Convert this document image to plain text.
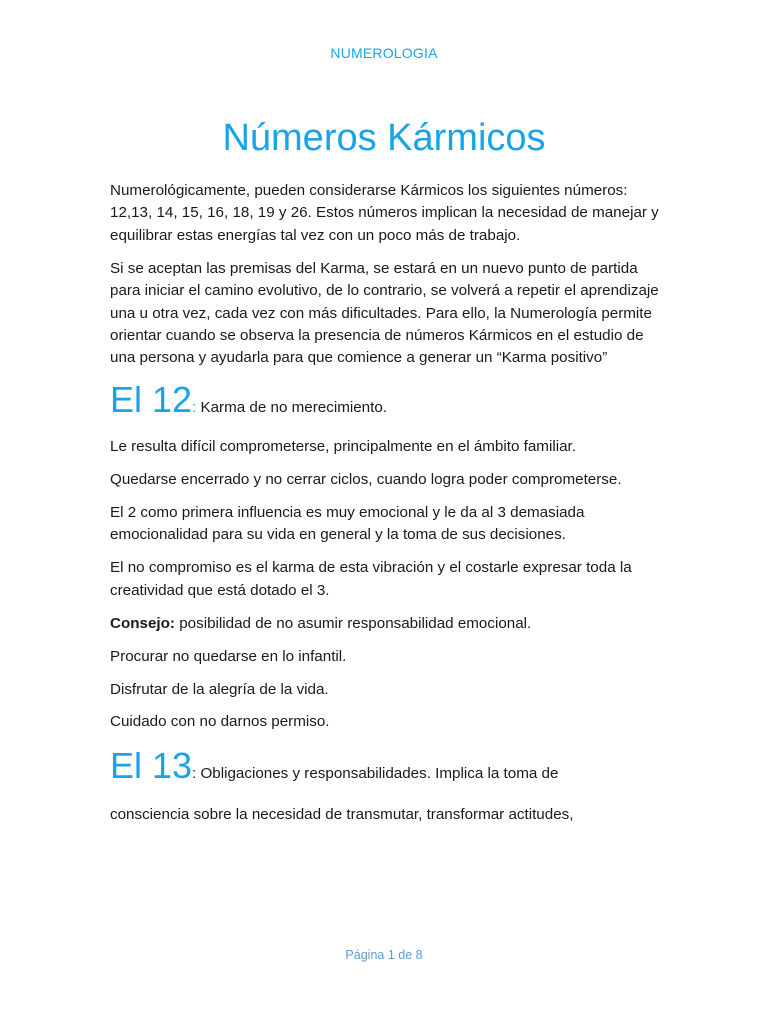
NUMEROLOGIA
Números Kármicos

Numerológicamente, pueden considerarse Kármicos los siguientes números: 12,13, 14, 15, 16, 18, 19 y 26. Estos números implican la necesidad de manejar y equilibrar estas energías tal vez con un poco más de trabajo.

Si se aceptan las premisas del Karma, se estará en un nuevo punto de partida para iniciar el camino evolutivo, de lo contrario, se volverá a repetir el aprendizaje una u otra vez, cada vez con más dificultades. Para ello, la Numerología permite orientar cuando se observa la presencia de números Kármicos en el estudio de una persona y ayudarla para que comience a generar un “Karma positivo”

El 12: Karma de no merecimiento.

Le resulta difícil comprometerse, principalmente en el ámbito familiar.

Quedarse encerrado y no cerrar ciclos, cuando logra poder comprometerse.

El 2 como primera influencia es muy emocional y le da al 3 demasiada emocionalidad para su vida en general y la toma de sus decisiones.

El no compromiso es el karma de esta vibración y el costarle expresar toda la creatividad que está dotado el 3.

Consejo: posibilidad de no asumir responsabilidad emocional.

Procurar no quedarse en lo infantil.

Disfrutar de la alegría de la vida.

Cuidado con no darnos permiso.

El 13: Obligaciones y responsabilidades. Implica la toma de

consciencia sobre la necesidad de transmutar, transformar actitudes,

Página 1 de 8
